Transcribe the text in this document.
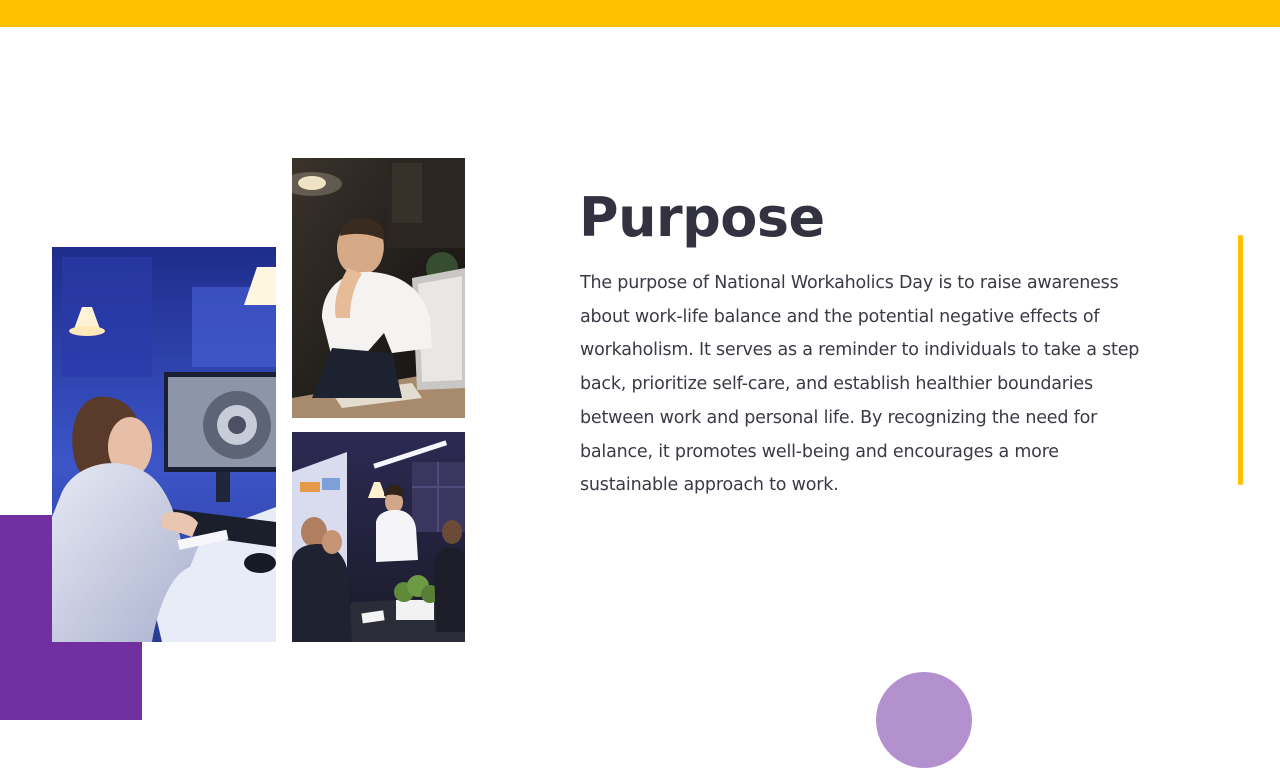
Purpose

The purpose of National Workaholics Day is to raise awareness about work-life balance and the potential negative effects of workaholism. It serves as a reminder to individuals to take a step back, prioritize self-care, and establish healthier boundaries between work and personal life. By recognizing the need for balance, it promotes well-being and encourages a more sustainable approach to work.
